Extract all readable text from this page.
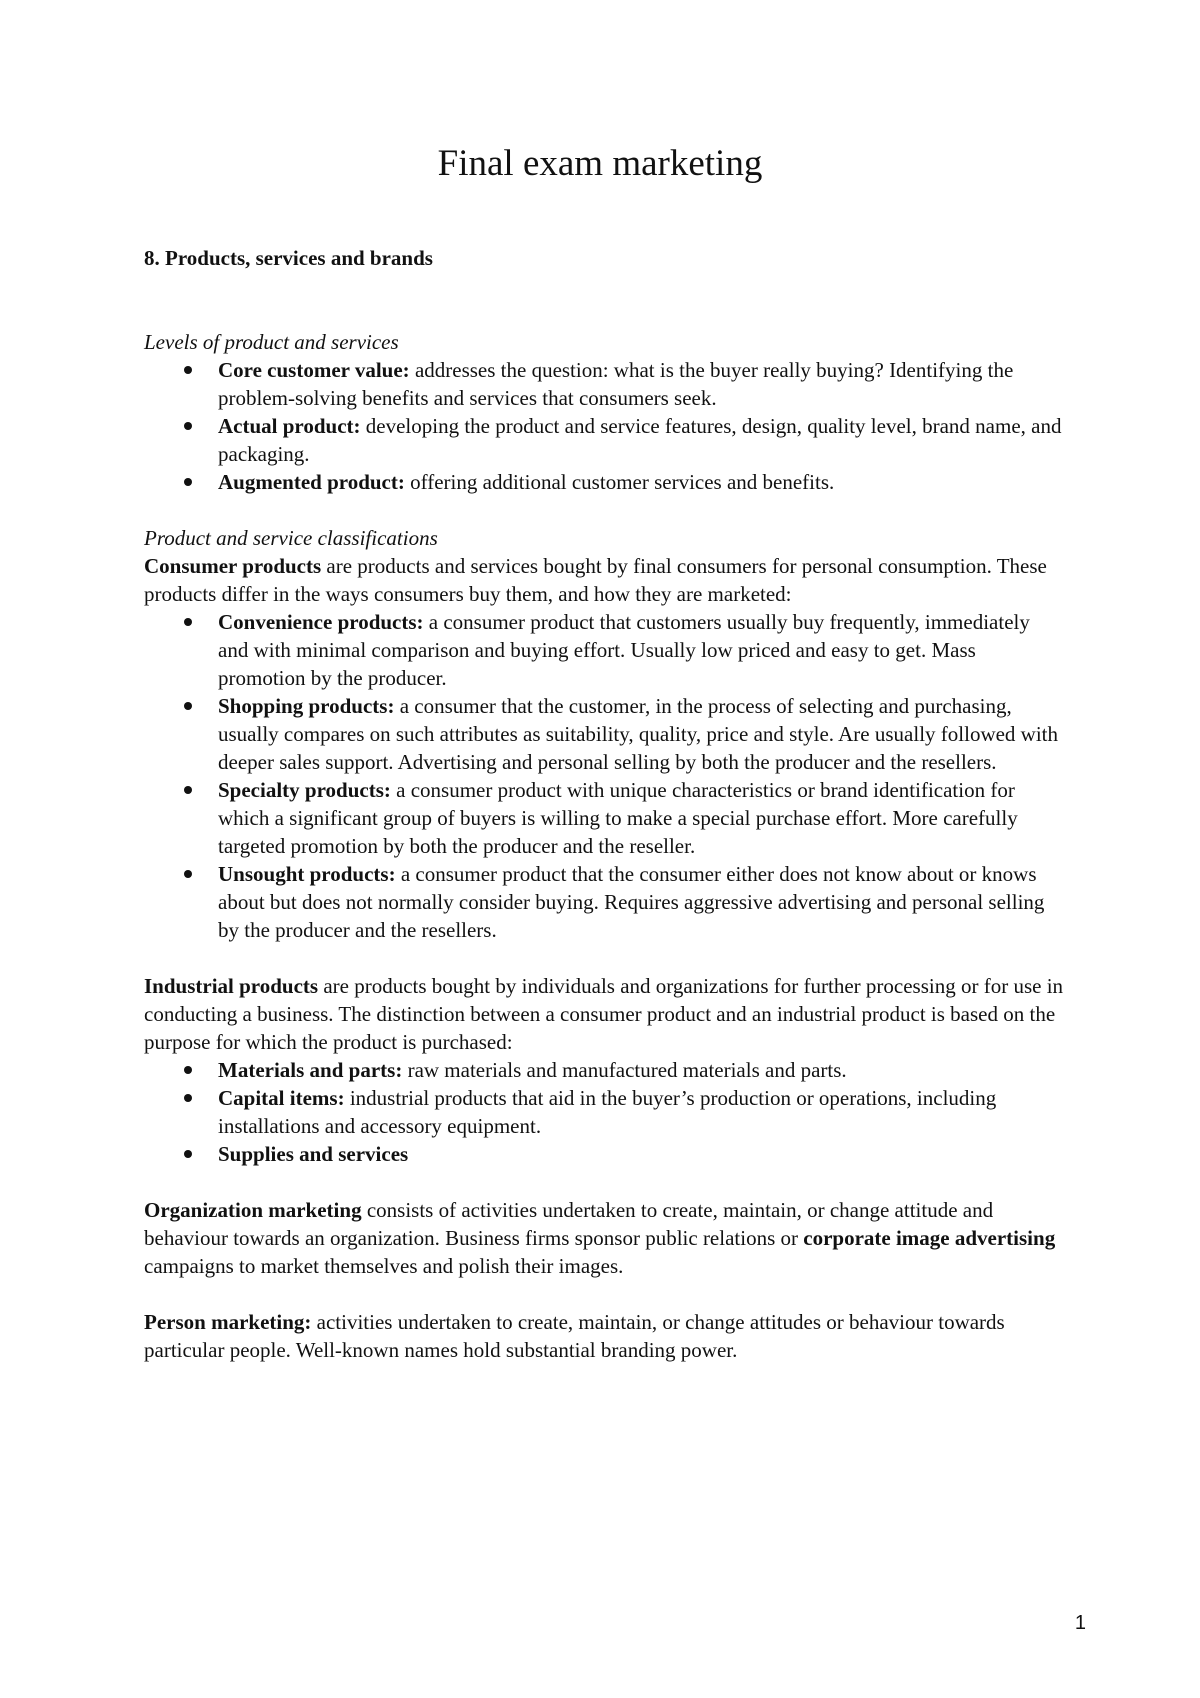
Final exam marketing

8. Products, services and brands

Levels of product and services

Core customer value: addresses the question: what is the buyer really buying? Identifying the problem-solving benefits and services that consumers seek.
Actual product: developing the product and service features, design, quality level, brand name, and packaging.
Augmented product: offering additional customer services and benefits.

Product and service classifications

Consumer products are products and services bought by final consumers for personal consumption. These products differ in the ways consumers buy them, and how they are marketed:

Convenience products: a consumer product that customers usually buy frequently, immediately and with minimal comparison and buying effort. Usually low priced and easy to get. Mass promotion by the producer.
Shopping products: a consumer that the customer, in the process of selecting and purchasing, usually compares on such attributes as suitability, quality, price and style. Are usually followed with deeper sales support. Advertising and personal selling by both the producer and the resellers.
Specialty products: a consumer product with unique characteristics or brand identification for which a significant group of buyers is willing to make a special purchase effort. More carefully targeted promotion by both the producer and the reseller.
Unsought products: a consumer product that the consumer either does not know about or knows about but does not normally consider buying. Requires aggressive advertising and personal selling by the producer and the resellers.

Industrial products are products bought by individuals and organizations for further processing or for use in conducting a business. The distinction between a consumer product and an industrial product is based on the purpose for which the product is purchased:

Materials and parts: raw materials and manufactured materials and parts.
Capital items: industrial products that aid in the buyer’s production or operations, including installations and accessory equipment.
Supplies and services

Organization marketing consists of activities undertaken to create, maintain, or change attitude and behaviour towards an organization. Business firms sponsor public relations or corporate image advertising campaigns to market themselves and polish their images.

Person marketing: activities undertaken to create, maintain, or change attitudes or behaviour towards particular people. Well-known names hold substantial branding power.

1
